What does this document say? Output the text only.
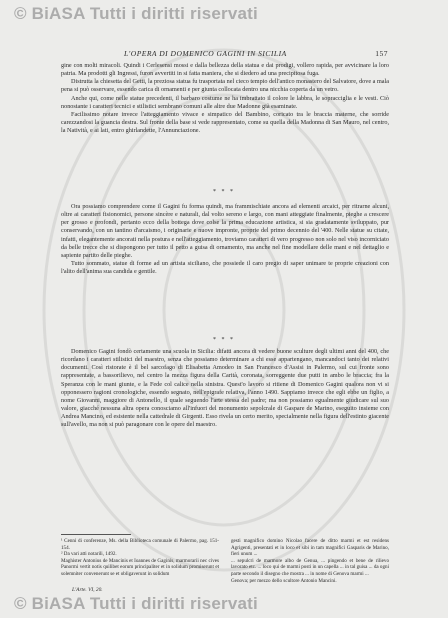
© BiASA Tutti i diritti riservati
L'OPERA DI DOMENICO GAGINI IN SICILIA	157

gine con molti miracoli. Quindi i Cerlesensi mossi e dalla bellezza della statua e dai prodigi, vollero rapida, per avvicinare la loro patria. Ma prodotti gli Ingressi, furon avvertiti in si fatta maniera, che si diedero ad una precipitosa fuga.

Distrutta la chiesetta del Getti, la preziosa statua fu trasportata nel cieco tempio dell'antico monastero del Salvatore, dove a mala pena si può osservare, essendo carica di ornamenti e per giunta collocata dentro una nicchia coperta da un vetro.

Anche qui, come nelle statue precedenti, il barbaro costume ne ha imbrattato il colore le labbra, le sopracciglia e le vesti. Ciò nonostante i caratteri tecnici e stilistici sembrano comuni alle altre due Madonne già esaminate.

Facilissimo notare invece l'atteggiamento vivace e simpatico del Bambino, coricato tra le braccia materne, che sorride carezzandosi la guancia destra. Sul fronte della base si vede rappresentato, come su quella della Madonna di San Mauro, nel centro, la Natività, e ai lati, entro ghirlandette, l'Annunciazione.

* * *

Ora possiamo comprendere come il Gagini fu forma quindi, ma frammischiate ancora ad elementi arcaici, per ritrarne alcuni, oltre ai caratteri fisionomici, persone sincère e naturali, dal volto sereno e largo, con mani atteggiate finalmente, pieghe a crescere per grosso e profondi, pertanto ecco della bottega dove colse la prima educazione artistica, si sia gradatamente sviluppato, pur conservando, con un tantino d'arcaismo, i originarie e nuove impronte, proprie del primo decennio del '400. Nelle statue su citate, infatti, elegantemente ancorati nella postura e nell'atteggiamento, troviamo caratteri di vero progresso non solo nel viso incorniciato da belle trecce che si dispongono per tutto il petto a guisa di ornamento, ma anche nel fine modellare delle mani e nel dettaglio e sapiente partito delle pieghe.

Tutto sommato, statue di forme ad un artista siciliano, che possiede il caro pregio di saper unimare te proprie creazioni con l'alito dell'anima sua candida e gentile.

* * *

Domenico Gagini fondò certamente una scuola in Sicilia: difatti ancora di vedere buone sculture degli ultimi anni del 400, che ricordano i caratteri stilistici del maestro, senza che possiamo determinare a chi esse appartengano, mancandoci tanto dei relativi documenti. Così ristorate è il bel sarcofago di Elisabetta Amodeo in San Francesco d'Assisi in Palermo, sul cui fronte sono rappresentate, a bassorilievo, nel centro la mezza figura della Carità, coronata, sorreggente due putti in ambo le braccia; fra la Speranza con le mani giunte, e la Fede col calice nella sinistra. Quest'o lavoro si ritiene di Domenico Gagini qualora non vi si opponessero ragioni cronologiche, essendo segnato, nell'epigrafe relativa, l'anno 1490. Sappiamo invece che egli ebbe un figlio, a nome Giovanni, maggiore di Antonello, il quale seguendo l'arte stessa del padre; ma non possiamo egualmente giudicare sul suo valore, giacché nessuna altra opera conosciamo all'infuori del monumento sepolcrale di Gaspare de Marino, eseguito insieme con Andrea Mancino, ed esistente nella cattedrale di Girgenti. Esso rivela un certo merito, specialmente nella figura dell'estinto giacente sull'avello, ma non si può paragonare con le opere del maestro.

¹ Cenni di conferenze, Ms. della Biblioteca comunale di Palermo, pag. 151-154.

² Da vari atti notarili, 1492.

Maghister Antonius de Mancinis et Ioannes de Gaginis, marmorarii nec cives Panormi vertit notis quilibet eorum principaliter et in solidum promiserunt et solemniter convenerunt se et obligaverunt in solidum

gesti magnifico domino Nicolao facere de ditto marmi et est residens Agrigenti, presentati et in loco et sibi in tam magnifici Gasparis de Marino, fieri unum ...

... sepulcri de marmore albo de Genua, ... pingendo et bene de rilievo lavorato etc. ... loco qui de marmi posti in un capella ... in tal guisa ... da ogni parte secondo il disegno che mostra ... in nome di Genova marmi ...

Genova; per mezzo dello scultore Antonio Mancini.

L'Arte. VI, 20.
© BiASA Tutti i diritti riservati
